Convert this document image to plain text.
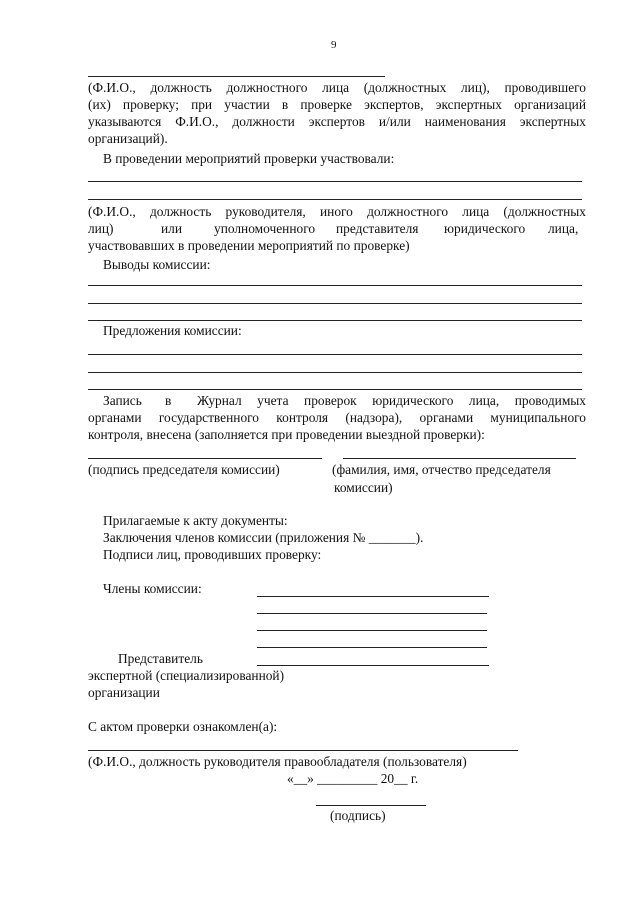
9
(Ф.И.О., должность должностного лица (должностных лиц), проводившего
(их) проверку; при участии в проверке экспертов, экспертных организаций
указываются Ф.И.О., должности экспертов и/или наименования экспертных
организаций).
В проведении мероприятий проверки участвовали:
(Ф.И.О., должность руководителя, иного должностного лица (должностных
лиц)	или уполномоченного представителя юридического лица,
участвовавших в проведении мероприятий по проверке)
Выводы комиссии:
Предложения комиссии:
Запись в Журнал учета проверок юридического лица, проводимых
органами государственного контроля (надзора), органами муниципального
контроля, внесена (заполняется при проведении выездной проверки):
(подпись председателя комиссии)	(фамилия, имя, отчество председателя
комиссии)
Прилагаемые к акту документы:
Заключения членов комиссии (приложения № _______).
Подписи лиц, проводивших проверку:
Члены комиссии:
Представитель
экспертной (специализированной)
организации
С актом проверки ознакомлен(а):
(Ф.И.О., должность руководителя правообладателя (пользователя)
«__» _________ 20__ г.
(подпись)
